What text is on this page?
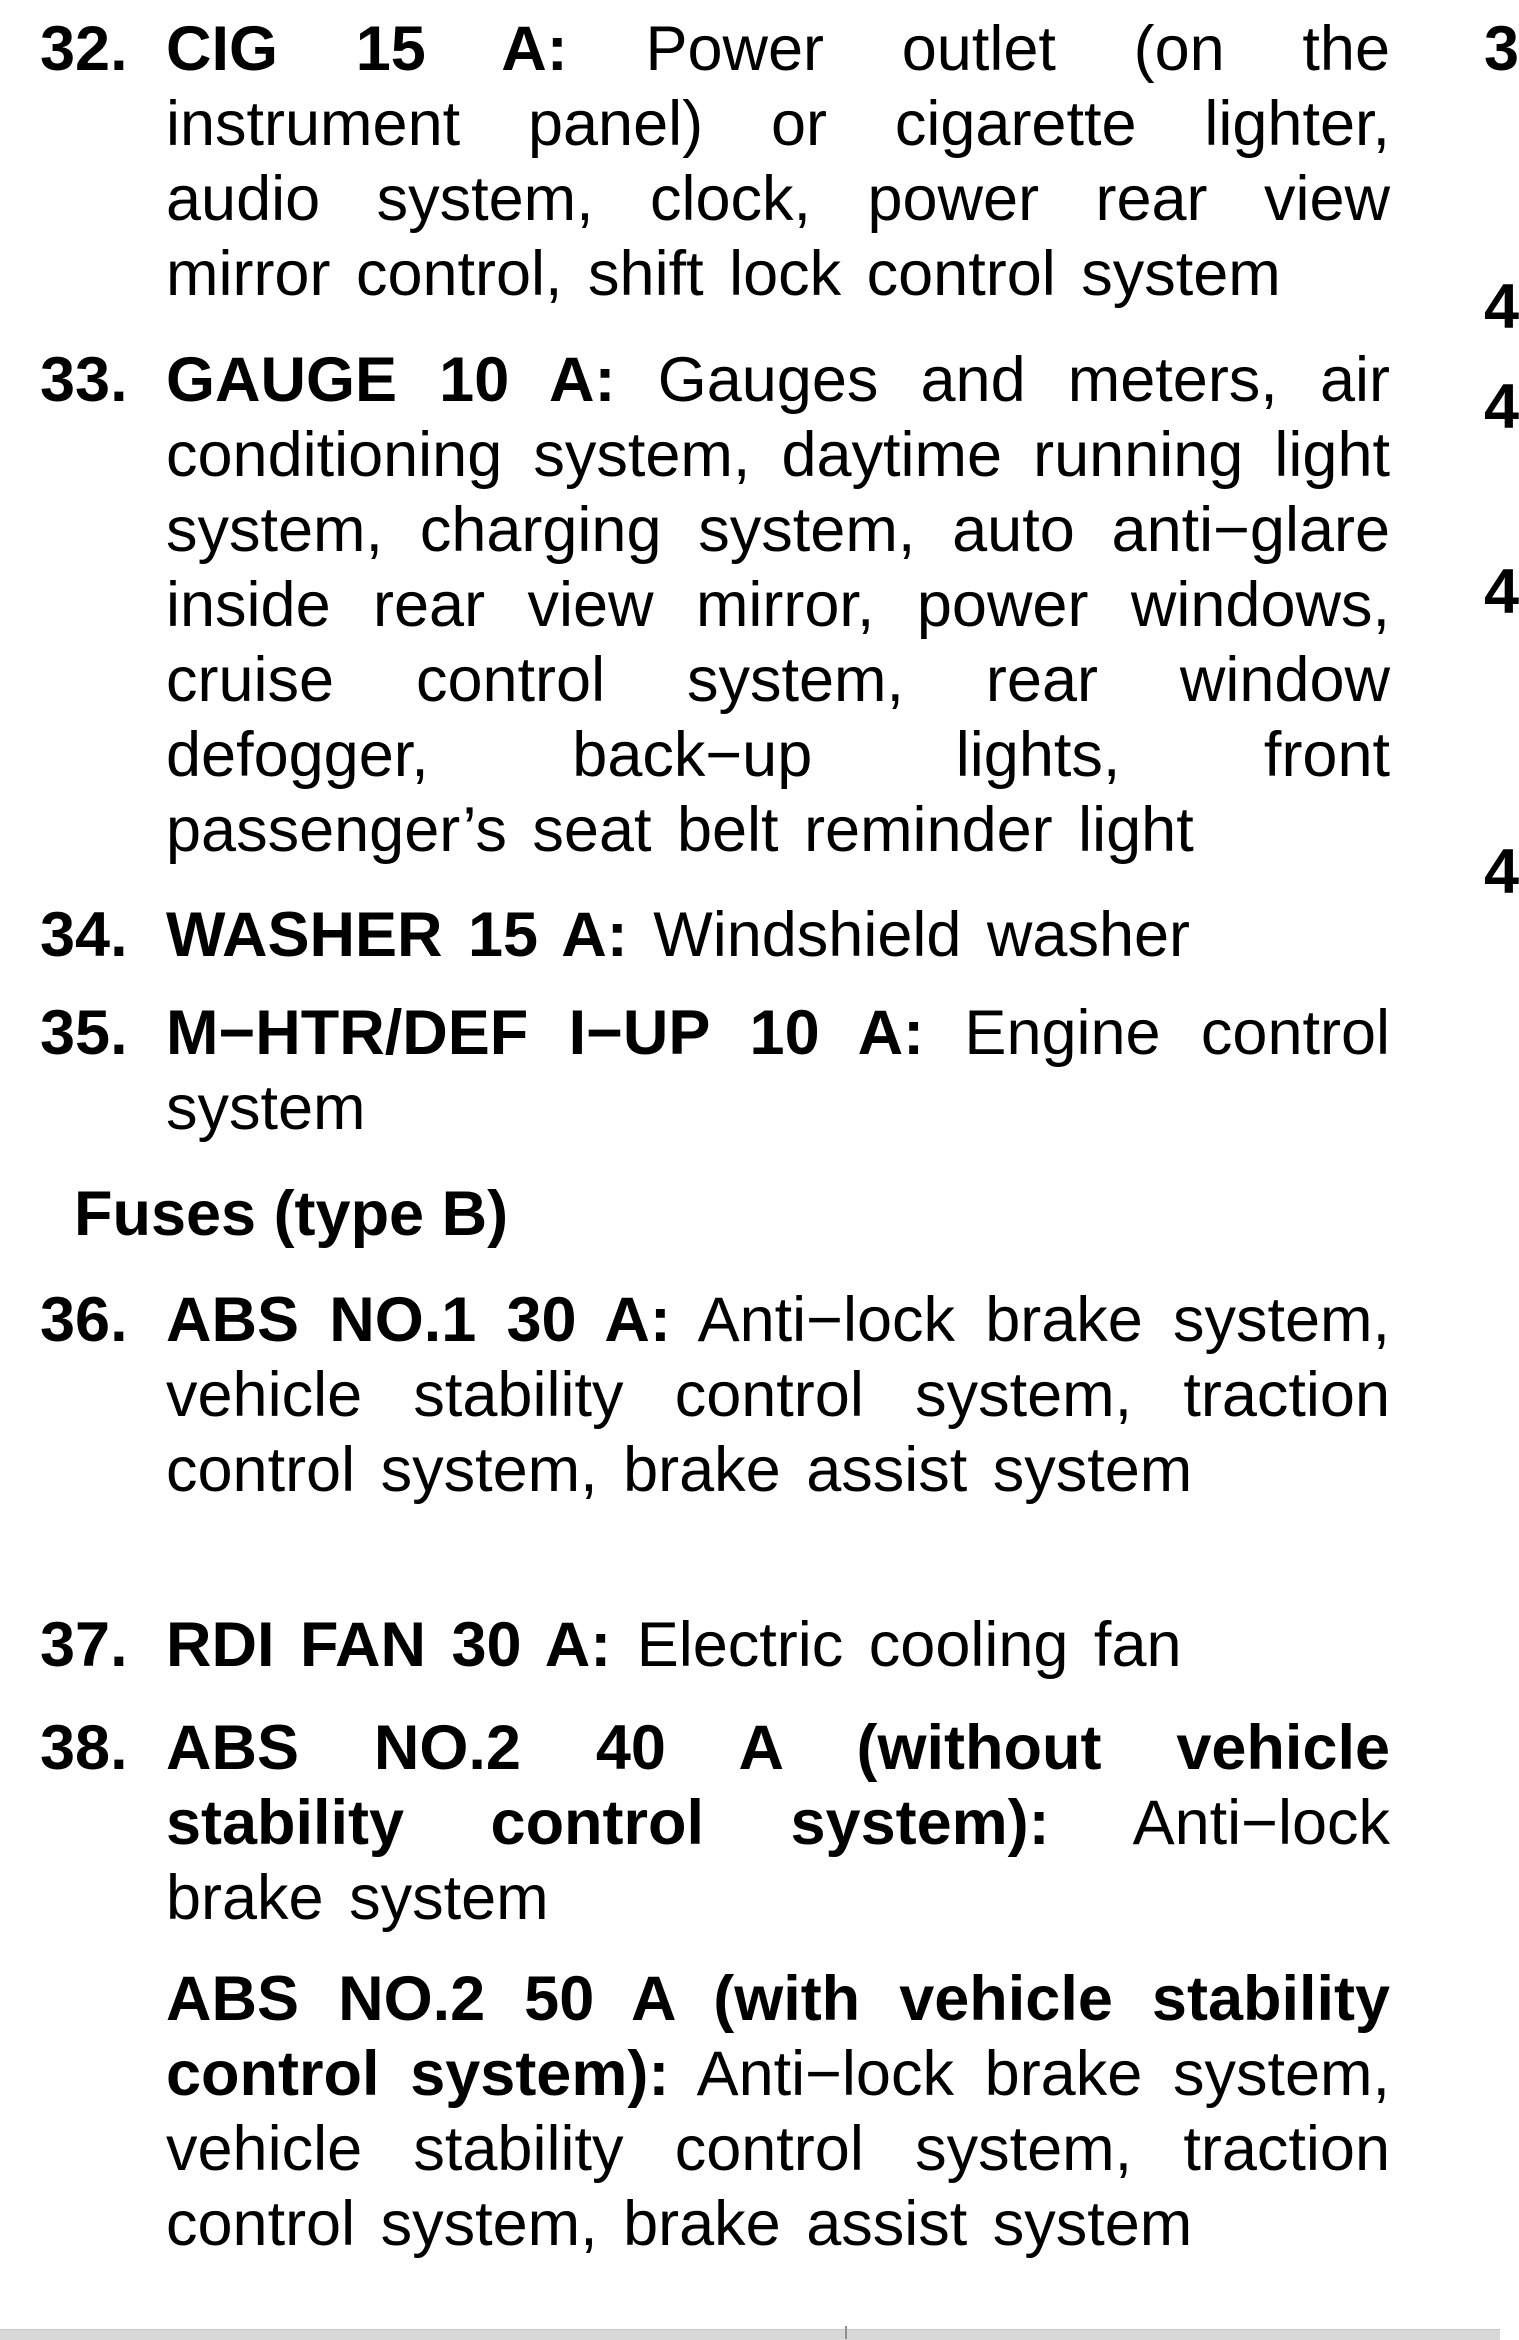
32. CIG 15 A: Power outlet (on the instrument panel) or cigarette lighter, audio system, clock, power rear view mirror control, shift lock control system
33. GAUGE 10 A: Gauges and meters, air conditioning system, daytime running light system, charging system, auto anti−glare inside rear view mirror, power windows, cruise control system, rear window defogger, back−up lights, front passenger’s seat belt reminder light
34. WASHER 15 A: Windshield washer
35. M−HTR/DEF I−UP 10 A: Engine control system
Fuses (type B)
36. ABS NO.1 30 A: Anti−lock brake system, vehicle stability control system, traction control system, brake assist system
37. RDI FAN 30 A: Electric cooling fan
38. ABS NO.2 40 A (without vehicle stability control system): Anti−lock brake system
ABS NO.2 50 A (with vehicle stability control system): Anti−lock brake system, vehicle stability control system, traction control system, brake assist system
3
4
4
4
4
